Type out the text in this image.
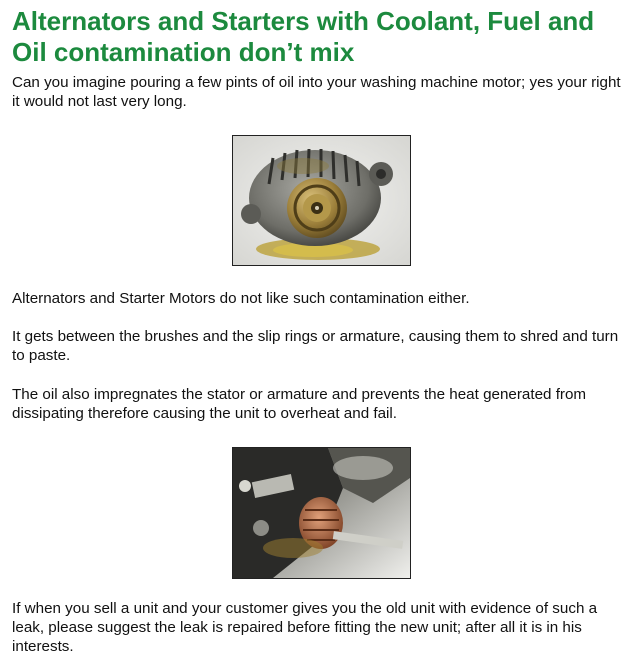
Alternators and Starters with Coolant, Fuel and Oil contamination don’t mix

Can you imagine pouring a few pints of oil into your washing machine motor; yes your right it would not last very long.

Alternators and Starter Motors do not like such contamination either.

It gets between the brushes and the slip rings or armature, causing them to shred and turn to paste.

The oil also impregnates the stator or armature and prevents the heat generated from dissipating therefore causing the unit to overheat and fail.

If when you sell a unit and your customer gives you the old unit with evidence of such a leak, please suggest the leak is repaired before fitting the new unit; after all it is in his interests.
